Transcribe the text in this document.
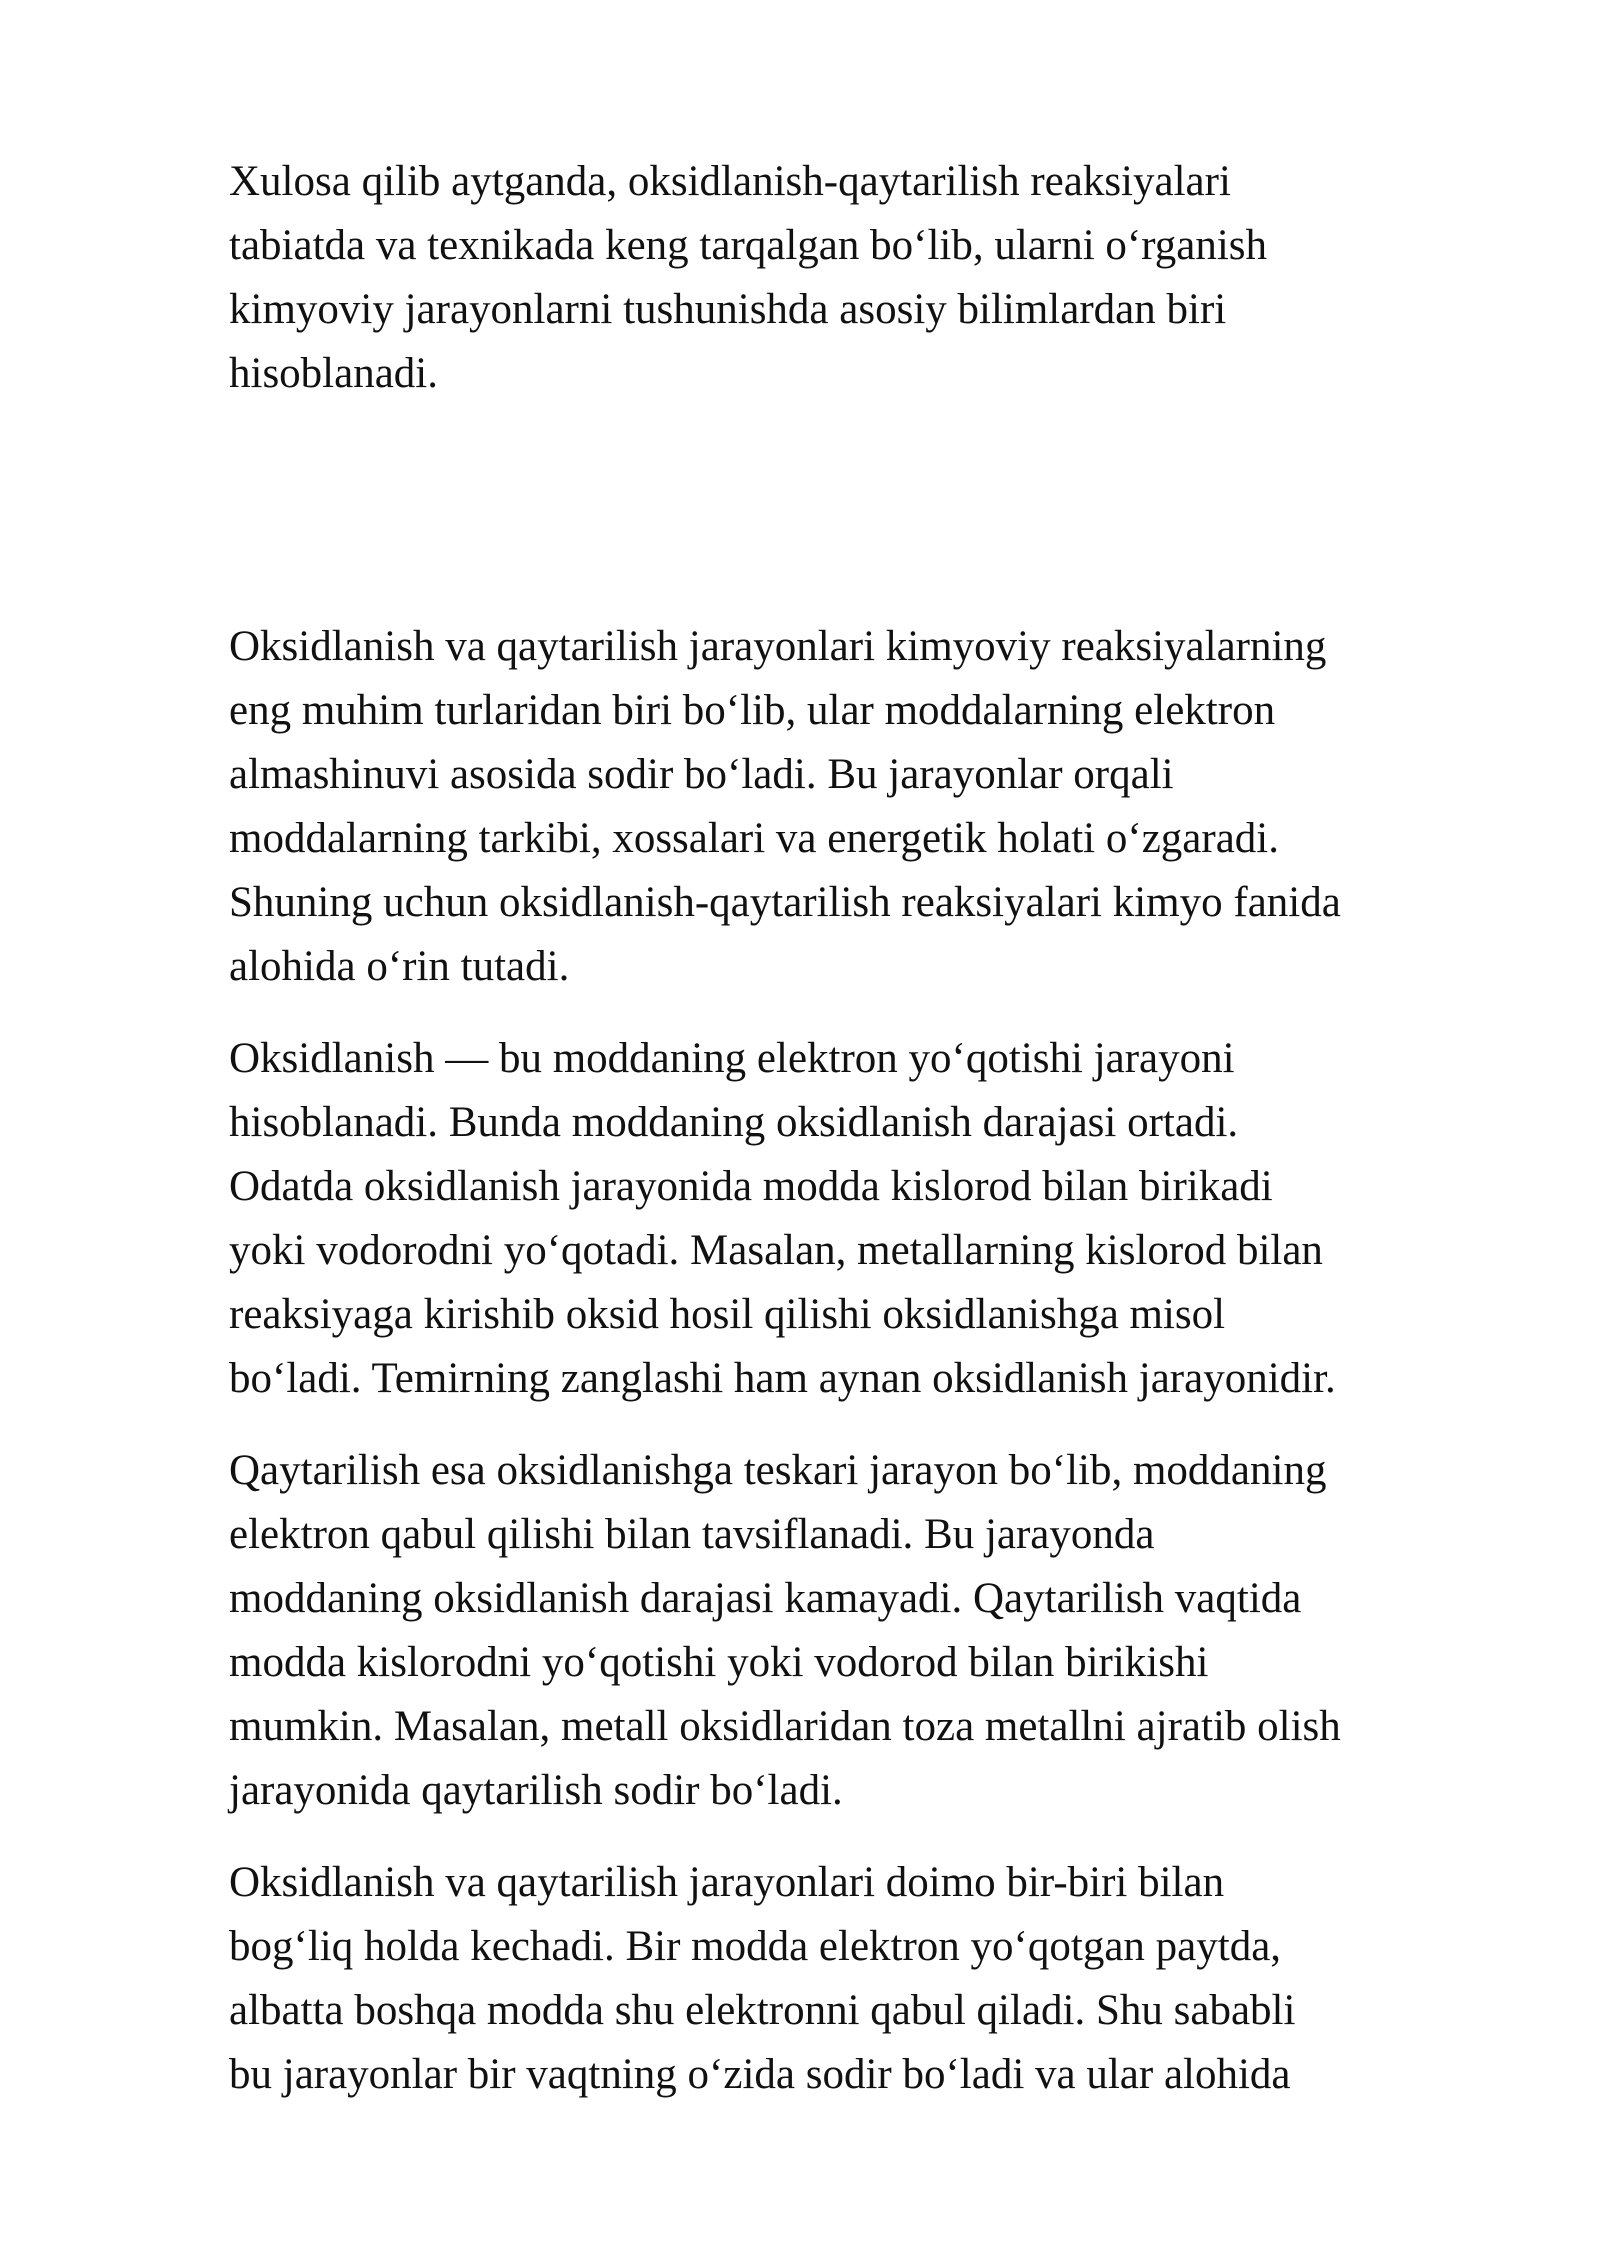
Xulosa qilib aytganda, oksidlanish-qaytarilish reaksiyalari
tabiatda va texnikada keng tarqalgan bo‘lib, ularni o‘rganish
kimyoviy jarayonlarni tushunishda asosiy bilimlardan biri
hisoblanadi.

Oksidlanish va qaytarilish jarayonlari kimyoviy reaksiyalarning
eng muhim turlaridan biri bo‘lib, ular moddalarning elektron
almashinuvi asosida sodir bo‘ladi. Bu jarayonlar orqali
moddalarning tarkibi, xossalari va energetik holati o‘zgaradi.
Shuning uchun oksidlanish-qaytarilish reaksiyalari kimyo fanida
alohida o‘rin tutadi.

Oksidlanish — bu moddaning elektron yo‘qotishi jarayoni
hisoblanadi. Bunda moddaning oksidlanish darajasi ortadi.
Odatda oksidlanish jarayonida modda kislorod bilan birikadi
yoki vodorodni yo‘qotadi. Masalan, metallarning kislorod bilan
reaksiyaga kirishib oksid hosil qilishi oksidlanishga misol
bo‘ladi. Temirning zanglashi ham aynan oksidlanish jarayonidir.

Qaytarilish esa oksidlanishga teskari jarayon bo‘lib, moddaning
elektron qabul qilishi bilan tavsiflanadi. Bu jarayonda
moddaning oksidlanish darajasi kamayadi. Qaytarilish vaqtida
modda kislorodni yo‘qotishi yoki vodorod bilan birikishi
mumkin. Masalan, metall oksidlaridan toza metallni ajratib olish
jarayonida qaytarilish sodir bo‘ladi.

Oksidlanish va qaytarilish jarayonlari doimo bir-biri bilan
bog‘liq holda kechadi. Bir modda elektron yo‘qotgan paytda,
albatta boshqa modda shu elektronni qabul qiladi. Shu sababli
bu jarayonlar bir vaqtning o‘zida sodir bo‘ladi va ular alohida
